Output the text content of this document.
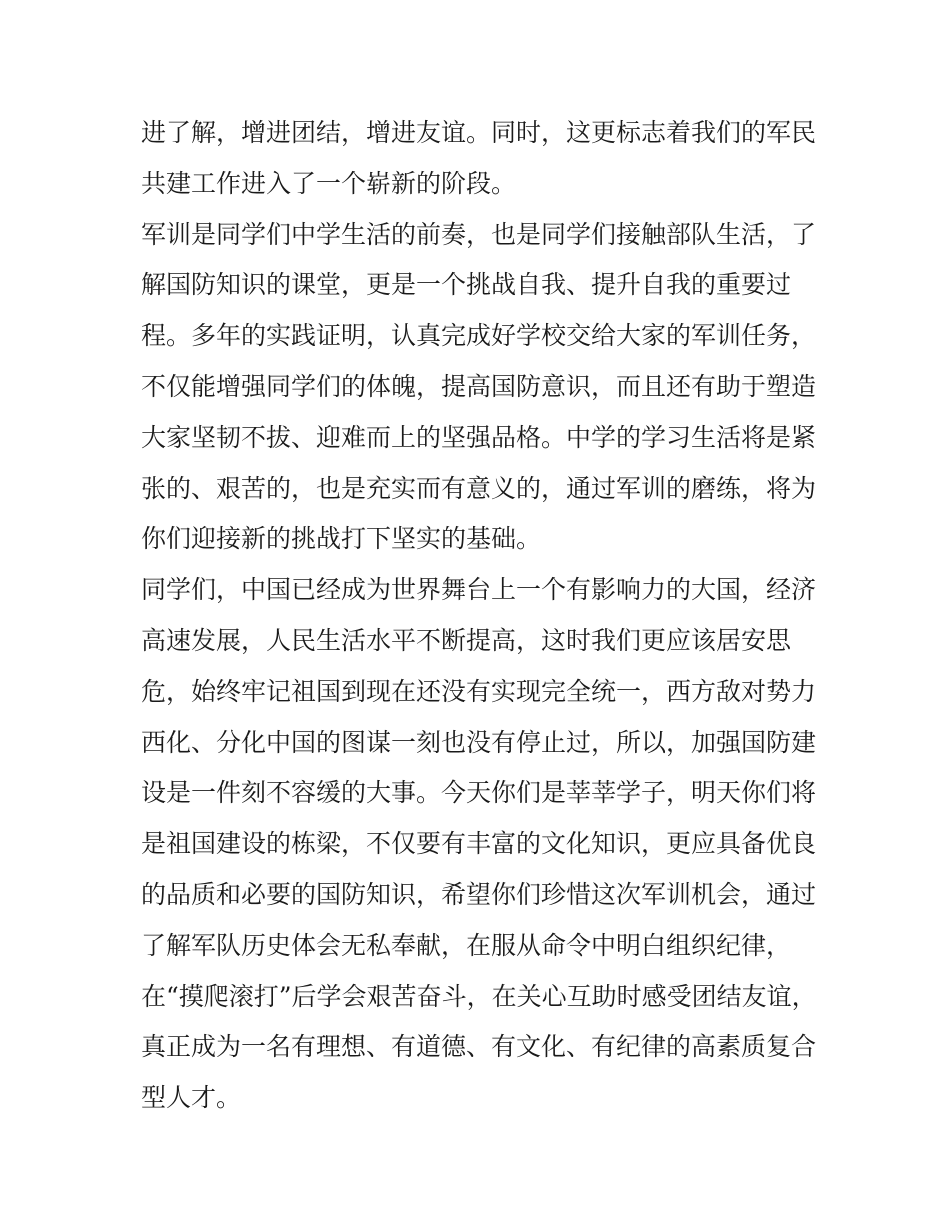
进了解，增进团结，增进友谊。同时，这更标志着我们的军民
共建工作进入了一个崭新的阶段。
军训是同学们中学生活的前奏，也是同学们接触部队生活，了
解国防知识的课堂，更是一个挑战自我、提升自我的重要过
程。多年的实践证明，认真完成好学校交给大家的军训任务，
不仅能增强同学们的体魄，提高国防意识，而且还有助于塑造
大家坚韧不拔、迎难而上的坚强品格。中学的学习生活将是紧
张的、艰苦的，也是充实而有意义的，通过军训的磨练，将为
你们迎接新的挑战打下坚实的基础。
同学们，中国已经成为世界舞台上一个有影响力的大国，经济
高速发展，人民生活水平不断提高，这时我们更应该居安思
危，始终牢记祖国到现在还没有实现完全统一，西方敌对势力
西化、分化中国的图谋一刻也没有停止过，所以，加强国防建
设是一件刻不容缓的大事。今天你们是莘莘学子，明天你们将
是祖国建设的栋梁，不仅要有丰富的文化知识，更应具备优良
的品质和必要的国防知识，希望你们珍惜这次军训机会，通过
了解军队历史体会无私奉献，在服从命令中明白组织纪律，
在“摸爬滚打”后学会艰苦奋斗，在关心互助时感受团结友谊，
真正成为一名有理想、有道德、有文化、有纪律的高素质复合
型人才。
